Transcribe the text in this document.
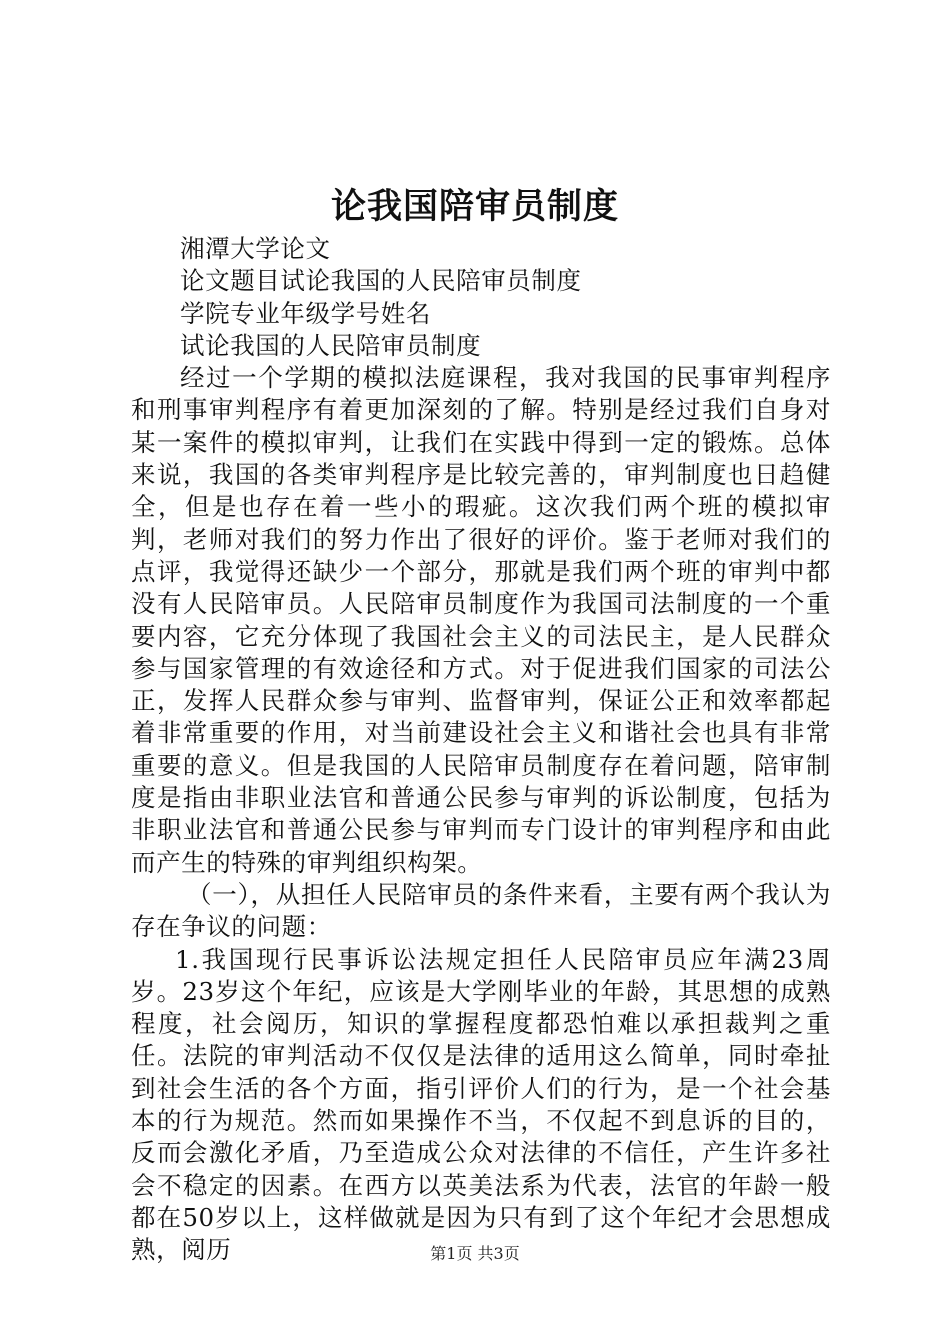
论我国陪审员制度

湘潭大学论文

论文题目试论我国的人民陪审员制度

学院专业年级学号姓名

试论我国的人民陪审员制度

经过一个学期的模拟法庭课程，我对我国的民事审判程序和刑事审判程序有着更加深刻的了解。特别是经过我们自身对某一案件的模拟审判，让我们在实践中得到一定的锻炼。总体来说，我国的各类审判程序是比较完善的，审判制度也日趋健全，但是也存在着一些小的瑕疵。这次我们两个班的模拟审判，老师对我们的努力作出了很好的评价。鉴于老师对我们的点评，我觉得还缺少一个部分，那就是我们两个班的审判中都没有人民陪审员。人民陪审员制度作为我国司法制度的一个重要内容，它充分体现了我国社会主义的司法民主，是人民群众参与国家管理的有效途径和方式。对于促进我们国家的司法公正，发挥人民群众参与审判、监督审判，保证公正和效率都起着非常重要的作用，对当前建设社会主义和谐社会也具有非常重要的意义。但是我国的人民陪审员制度存在着问题，陪审制度是指由非职业法官和普通公民参与审判的诉讼制度，包括为非职业法官和普通公民参与审判而专门设计的审判程序和由此而产生的特殊的审判组织构架。

（一），从担任人民陪审员的条件来看，主要有两个我认为存在争议的问题：

1.我国现行民事诉讼法规定担任人民陪审员应年满23周岁。23岁这个年纪，应该是大学刚毕业的年龄，其思想的成熟程度，社会阅历，知识的掌握程度都恐怕难以承担裁判之重任。法院的审判活动不仅仅是法律的适用这么简单，同时牵扯到社会生活的各个方面，指引评价人们的行为，是一个社会基本的行为规范。然而如果操作不当，不仅起不到息诉的目的，反而会激化矛盾，乃至造成公众对法律的不信任，产生许多社会不稳定的因素。在西方以英美法系为代表，法官的年龄一般都在50岁以上，这样做就是因为只有到了这个年纪才会思想成熟，阅历	第1页 共3页
